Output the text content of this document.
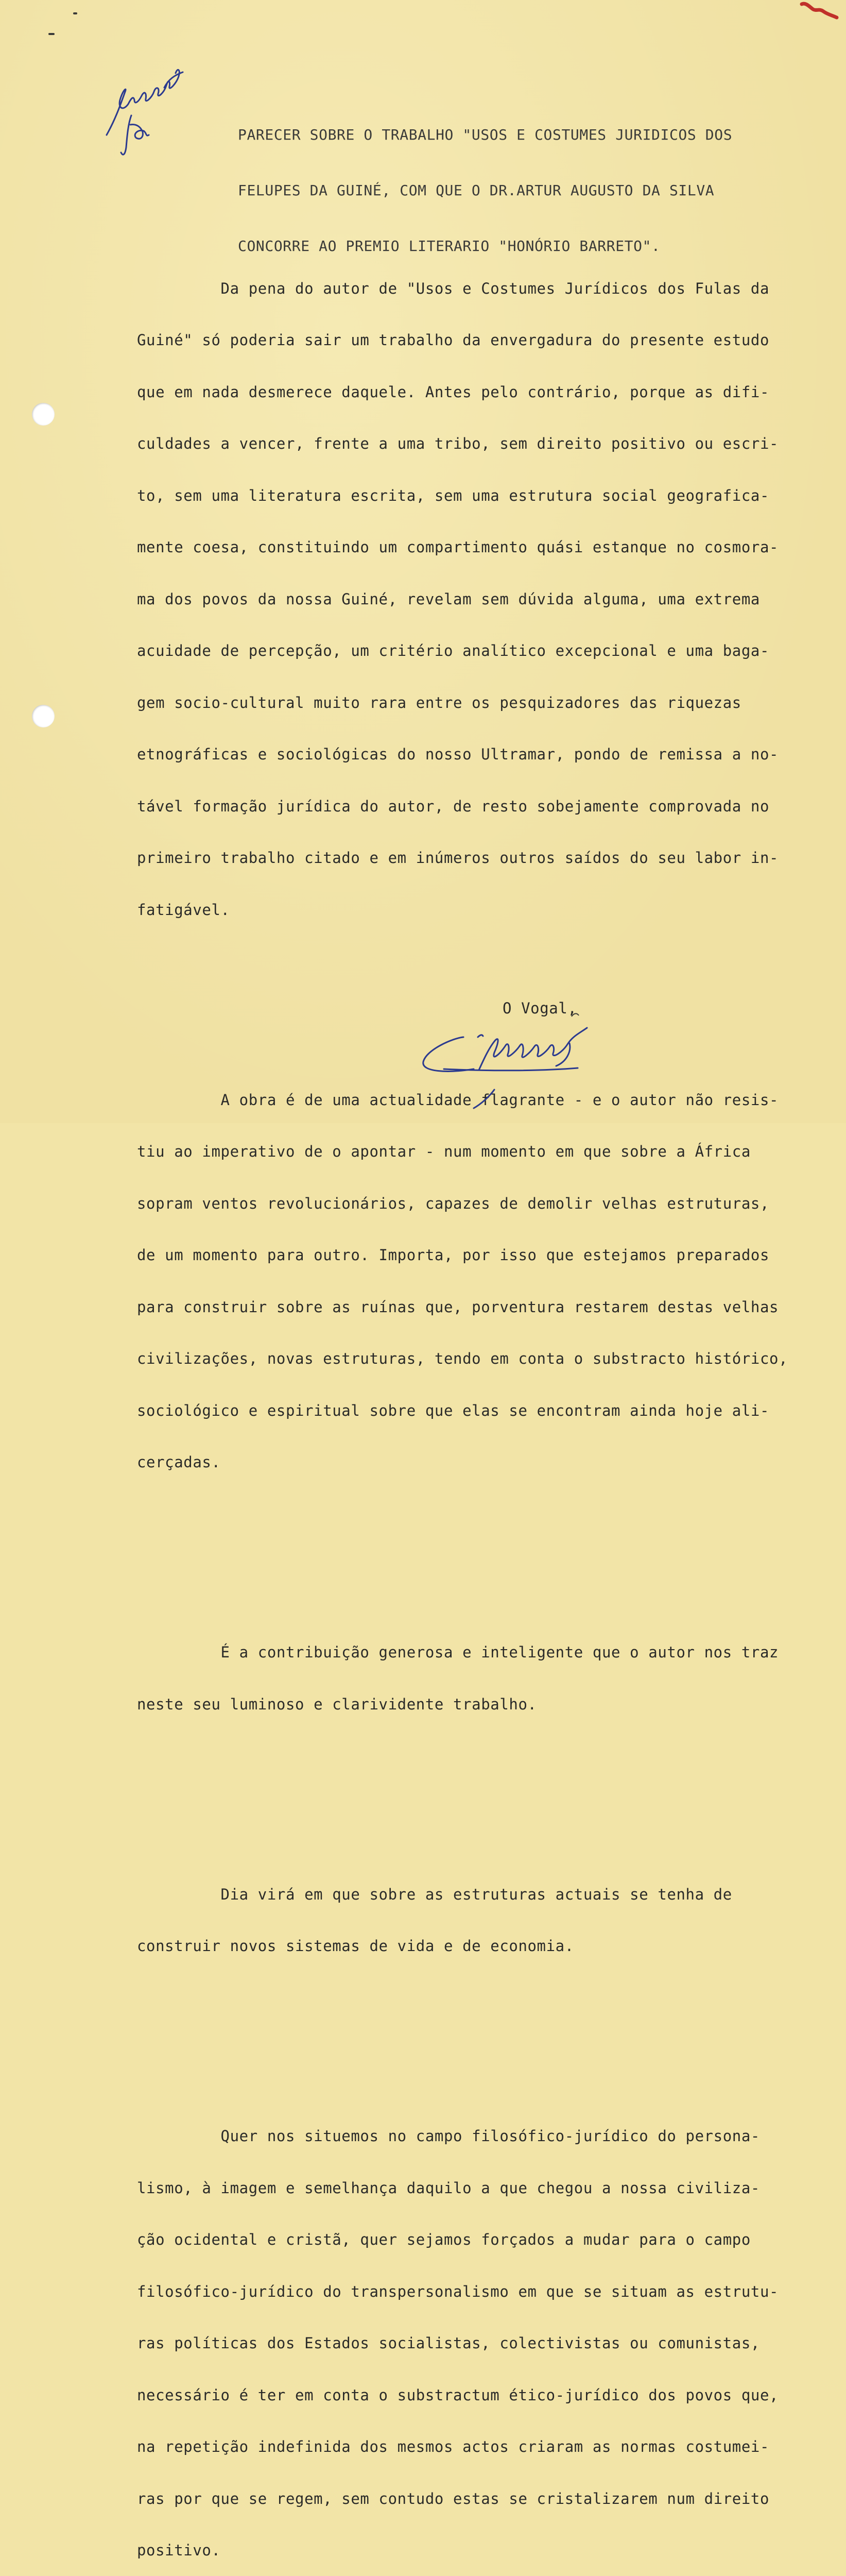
PARECER SOBRE O TRABALHO "USOS E COSTUMES JURIDICOS DOS

FELUPES DA GUINÉ, COM QUE O DR.ARTUR AUGUSTO DA SILVA

CONCORRE AO PREMIO LITERARIO "HONÓRIO BARRETO".

Da pena do autor de "Usos e Costumes Jurídicos dos Fulas da

Guiné" só poderia sair um trabalho da envergadura do presente estudo

que em nada desmerece daquele. Antes pelo contrário, porque as difi-

culdades a vencer, frente a uma tribo, sem direito positivo ou escri-

to, sem uma literatura escrita, sem uma estrutura social geografica-

mente coesa, constituindo um compartimento quási estanque no cosmora-

ma dos povos da nossa Guiné, revelam sem dúvida alguma, uma extrema

acuidade de percepção, um critério analítico excepcional e uma baga-

gem socio-cultural muito rara entre os pesquizadores das riquezas

etnográficas e sociológicas do nosso Ultramar, pondo de remissa a no-

tável formação jurídica do autor, de resto sobejamente comprovada no

primeiro trabalho citado e em inúmeros outros saídos do seu labor in-

fatigável.

A obra é de uma actualidade flagrante - e o autor não resis-

tiu ao imperativo de o apontar - num momento em que sobre a África

sopram ventos revolucionários, capazes de demolir velhas estruturas,

de um momento para outro. Importa, por isso que estejamos preparados

para construir sobre as ruínas que, porventura restarem destas velhas

civilizações, novas estruturas, tendo em conta o substracto histórico,

sociológico e espiritual sobre que elas se encontram ainda hoje ali-

cerçadas.

É a contribuição generosa e inteligente que o autor nos traz

neste seu luminoso e clarividente trabalho.

Dia virá em que sobre as estruturas actuais se tenha de

construir novos sistemas de vida e de economia.

Quer nos situemos no campo filosófico-jurídico do persona-

lismo, à imagem e semelhança daquilo a que chegou a nossa civiliza-

ção ocidental e cristã, quer sejamos forçados a mudar para o campo

filosófico-jurídico do transpersonalismo em que se situam as estrutu-

ras políticas dos Estados socialistas, colectivistas ou comunistas,

necessário é ter em conta o substractum ético-jurídico dos povos que,

na repetição indefinida dos mesmos actos criaram as normas costumei-

ras por que se regem, sem contudo estas se cristalizarem num direito

positivo.

O Vogal,
